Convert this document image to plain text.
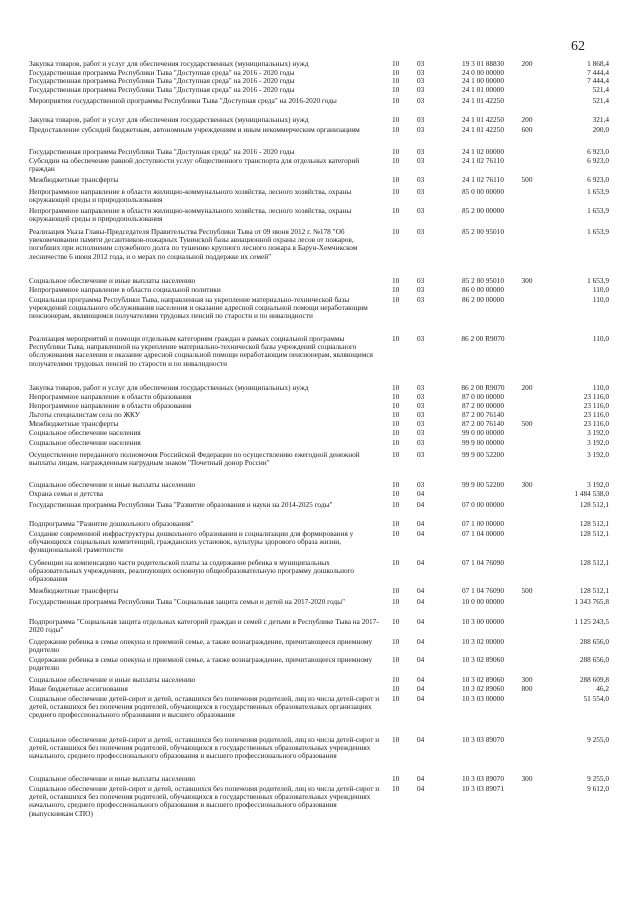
62
Закупка товаров, работ и услуг для обеспечения государственных (муниципальных) нужд	10	03	19 3 01 88830	200	1 868,4
Государственная программа Республики Тыва "Доступная среда" на 2016 - 2020 годы	10	03	24 0 00 00000	7 444,4
Государственная программа Республики Тыва "Доступная среда" на 2016 - 2020 годы	10	03	24 1 00 00000	7 444,4
Государственная программа Республики Тыва "Доступная среда" на 2016 - 2020 годы	10	03	24 1 01 00000	521,4
Мероприятия государственной программы Республики Тыва "Доступная среда" на 2016-2020 годы	10	03	24 1 01 42250	521,4
Закупка товаров, работ и услуг для обеспечения государственных (муниципальных) нужд	10	03	24 1 01 42250	200	321,4
Предоставление субсидий бюджетным, автономным учреждениям и иным некоммерческим организациям	10	03	24 1 01 42250	600	200,0
Государственная программа Республики Тыва "Доступная среда" на 2016 - 2020 годы	10	03	24 1 02 00000	6 923,0
Субсидии на обеспечение равной доступности услуг общественного транспорта для отдельных категорий граждан
10	03	24 1 02 76110	6 923,0
Межбюджетные трансферты	10	03	24 1 02 76110	500	6 923,0
Непрограммное направление в области жилищно-коммунального хозяйства, лесного хозяйства, охраны окружающей среды и природопользования
10	03	85 0 00 00000	1 653,9
Непрограммное направление в области жилищно-коммунального хозяйства, лесного хозяйства, охраны окружающей среды и природопользования
10	03	85 2 00 00000	1 653,9
Реализация Указа Главы-Председателя Правительства Республики Тыва от 09 июня 2012 г. №178 "Об увековечивании памяти десантников-пожарных Тувинской базы авиационной охраны лесов от пожаров, погибших при исполнении служебного долга по тушению крупного лесного пожара в Барун-Хемчикском лесничестве 6 июня 2012 года, и о мерах по социальной поддержке их семей"
10	03	85 2 00 95010	1 653,9
Социальное обеспечение и иные выплаты населению	10	03	85 2 00 95010	300	1 653,9
Непрограммное направление в области социальной политики	10	03	86 0 00 00000	110,0
Социальная программа Республики Тыва, направленная на укрепление материально-технической базы учреждений социального обслуживания населения и оказание адресной социальной помощи неработающим пенсионерам, являющимся получателями трудовых пенсий по старости и по инвалидности
10	03	86 2 00 00000	110,0
Реализация мероприятий и помощи отдельным категориям граждан в рамках социальной программы Республики Тыва, направленной на укрепление материально-технической базы учреждений социального обслуживания населения и оказание адресной социальной помощи неработающим пенсионерам, являющимся получателями трудовых пенсий по старости и по инвалидности
10	03	86 2 00 R9070	110,0
Закупка товаров, работ и услуг для обеспечения государственных (муниципальных) нужд	10	03	86 2 00 R9070	200	110,0
Непрограммное направление в области образования	10	03	87 0 00 00000	23 116,0
Непрограммное направление в области образования	10	03	87 2 00 00000	23 116,0
Льготы специалистам села по ЖКУ	10	03	87 2 00 76140	23 116,0
Межбюджетные трансферты	10	03	87 2 00 76140	500	23 116,0
Социальное обеспечение населения	10	03	99 0 00 00000	3 192,0
Социальное обеспечение населения	10	03	99 9 00 00000	3 192,0
Осуществление переданного полномочия Российской Федерации по осуществлению ежегодной денежной выплаты лицам, награжденным нагрудным знаком "Почетный донор России"
10	03	99 9 00 52200	3 192,0
Социальное обеспечение и иные выплаты населению	10	03	99 9 00 52200	300	3 192,0
Охрана семьи и детства	10	04	1 484 538,0
Государственная программа Республики Тыва "Развитие образования и науки на 2014-2025 годы"	10	04	07 0 00 00000	128 512,1
Подпрограмма "Развитие дошкольного образования"	10	04	07 1 00 00000	128 512,1
Создание современной инфраструктуры дошкольного образования и социализации для формирования у обучающихся социальных компетенций, гражданских установок, культуры здорового образа жизни, функциональной грамотности
10	04	07 1 04 00000	128 512,1
Субвенции на компенсацию части родительской платы за содержание ребенка в муниципальных образовательных учреждениях, реализующих основную общеобразовательную программу дошкольного образования
10	04	07 1 04 76090	128 512,1
Межбюджетные трансферты	10	04	07 1 04 76090	500	128 512,1
Государственная программа Республики Тыва "Социальная защита семьи и детей на 2017-2020 годы"	10	04	10 0 00 00000	1 343 765,8
Подпрограмма "Социальная защита отдельных категорий граждан и семей с детьми в Республике Тыва на 2017-2020 годы"
10	04	10 3 00 00000	1 125 243,5
Содержание ребенка в семье опекуна и приемной семье, а также вознаграждение, причитающееся приемному родителю
10	04	10 3 02 00000	288 656,0
Содержание ребенка в семье опекуна и приемной семье, а также вознаграждение, причитающееся приемному родителю
10	04	10 3 02 89060	288 656,0
Социальное обеспечение и иные выплаты населению	10	04	10 3 02 89060	300	288 609,8
Иные бюджетные ассигнования	10	04	10 3 02 89060	800	46,2
Социальное обеспечение детей-сирот и детей, оставшихся без попечения родителей, лиц из числа детей-сирот и детей, оставшихся без попечения родителей, обучающихся в государственных образовательных организациях среднего профессионального образования и высшего образования
10	04	10 3 03 00000	51 554,0
Социальное обеспечение детей-сирот и детей, оставшихся без попечения родителей, лиц из числа детей-сирот и детей, оставшихся без попечения родителей, обучающихся в государственных образовательных учреждениях начального, среднего профессионального образования и высшего профессионального образования
10	04	10 3 03 89070	9 255,0
Социальное обеспечение и иные выплаты населению	10	04	10 3 03 89070	300	9 255,0
Социальное обеспечение детей-сирот и детей, оставшихся без попечения родителей, лиц из числа детей-сирот и детей, оставшихся без попечения родителей, обучающихся в государственных образовательных учреждениях начального, среднего профессионального образования и высшего профессионального образования (выпускникам СПО)
10	04	10 3 03 89071	9 612,0
